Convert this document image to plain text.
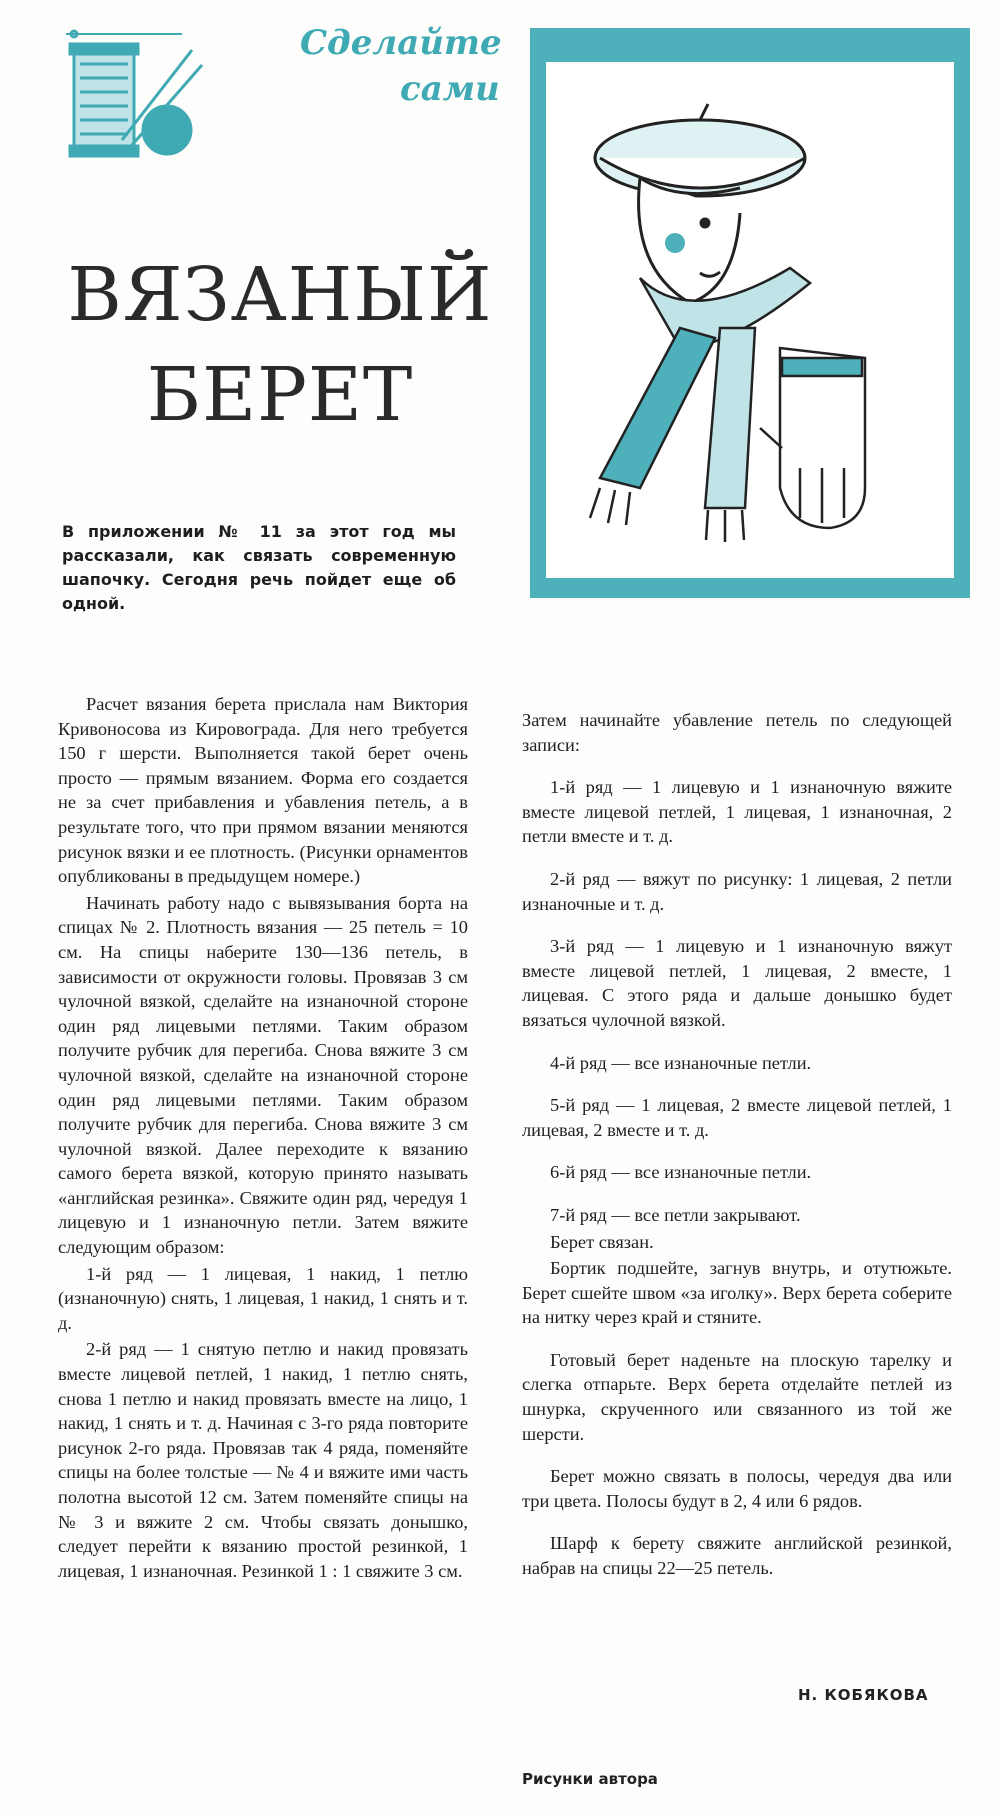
Сделайте
сами
ВЯЗАНЫЙ
БЕРЕТ
В приложении № 11 за этот год мы рассказали, как связать современную шапочку. Сегодня речь пойдет еще об одной.

Расчет вязания берета прислала нам Виктория Кривоносова из Кировограда. Для него требуется 150 г шерсти. Выполняется такой берет очень просто — прямым вязанием. Форма его создается не за счет прибавления и убавления петель, а в результате того, что при прямом вязании меняются рисунок вязки и ее плотность. (Рисунки орнаментов опубликованы в предыдущем номере.)

Начинать работу надо с вывязывания борта на спицах № 2. Плотность вязания — 25 петель = 10 см. На спицы наберите 130—136 петель, в зависимости от окружности головы. Провязав 3 см чулочной вязкой, сделайте на изнаночной стороне один ряд лицевыми петлями. Таким образом получите рубчик для перегиба. Снова вяжите 3 см чулочной вязкой, сделайте на изнаночной стороне один ряд лицевыми петлями. Таким образом получите рубчик для перегиба. Снова вяжите 3 см чулочной вязкой. Далее переходите к вязанию самого берета вязкой, которую принято называть «английская резинка». Свяжите один ряд, чередуя 1 лицевую и 1 изнаночную петли. Затем вяжите следующим образом:

1-й ряд — 1 лицевая, 1 накид, 1 петлю (изнаночную) снять, 1 лицевая, 1 накид, 1 снять и т. д.

2-й ряд — 1 снятую петлю и накид провязать вместе лицевой петлей, 1 накид, 1 петлю снять, снова 1 петлю и накид провязать вместе на лицо, 1 накид, 1 снять и т. д. Начиная с 3-го ряда повторите рисунок 2-го ряда. Провязав так 4 ряда, поменяйте спицы на более толстые — № 4 и вяжите ими часть полотна высотой 12 см. Затем поменяйте спицы на № 3 и вяжите 2 см. Чтобы связать донышко, следует перейти к вязанию простой резинкой, 1 лицевая, 1 изнаночная. Резинкой 1 : 1 свяжите 3 см.

Затем начинайте убавление петель по следующей записи:

1-й ряд — 1 лицевую и 1 изнаночную вяжите вместе лицевой петлей, 1 лицевая, 1 изнаночная, 2 петли вместе и т. д.

2-й ряд — вяжут по рисунку: 1 лицевая, 2 петли изнаночные и т. д.

3-й ряд — 1 лицевую и 1 изнаночную вяжут вместе лицевой петлей, 1 лицевая, 2 вместе, 1 лицевая. С этого ряда и дальше донышко будет вязаться чулочной вязкой.

4-й ряд — все изнаночные петли.

5-й ряд — 1 лицевая, 2 вместе лицевой петлей, 1 лицевая, 2 вместе и т. д.

6-й ряд — все изнаночные петли.

7-й ряд — все петли закрывают.

Берет связан.

Бортик подшейте, загнув внутрь, и отутюжьте. Берет сшейте швом «за иголку». Верх берета соберите на нитку через край и стяните.

Готовый берет наденьте на плоскую тарелку и слегка отпарьте. Верх берета отделайте петлей из шнурка, скрученного или связанного из той же шерсти.

Берет можно связать в полосы, чередуя два или три цвета. Полосы будут в 2, 4 или 6 рядов.

Шарф к берету свяжите английской резинкой, набрав на спицы 22—25 петель.

Н. КОБЯКОВА
Рисунки автора
